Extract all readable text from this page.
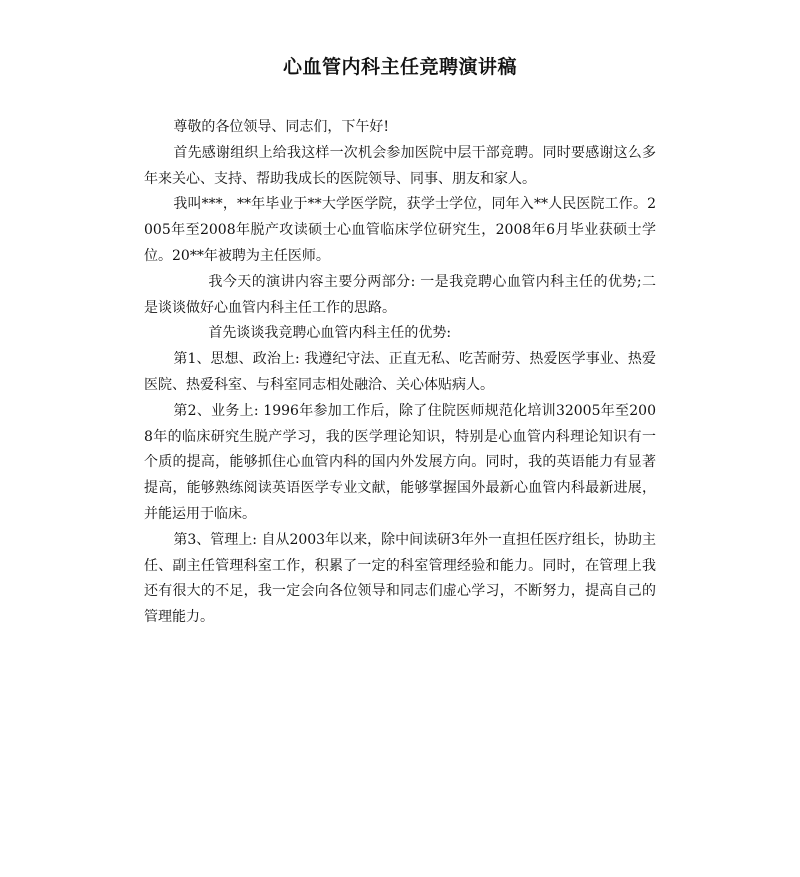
心血管内科主任竞聘演讲稿

尊敬的各位领导、同志们，下午好!

首先感谢组织上给我这样一次机会参加医院中层干部竞聘。同时要感谢这么多年来关心、支持、帮助我成长的医院领导、同事、朋友和家人。

我叫***，**年毕业于**大学医学院，获学士学位，同年入**人民医院工作。2005年至2008年脱产攻读硕士心血管临床学位研究生，2008年6月毕业获硕士学位。20**年被聘为主任医师。

我今天的演讲内容主要分两部分: 一是我竞聘心血管内科主任的优势;二是谈谈做好心血管内科主任工作的思路。

首先谈谈我竞聘心血管内科主任的优势:

第1、思想、政治上: 我遵纪守法、正直无私、吃苦耐劳、热爱医学事业、热爱医院、热爱科室、与科室同志相处融洽、关心体贴病人。

第2、业务上: 1996年参加工作后，除了住院医师规范化培训32005年至2008年的临床研究生脱产学习，我的医学理论知识，特别是心血管内科理论知识有一个质的提高，能够抓住心血管内科的国内外发展方向。同时，我的英语能力有显著提高，能够熟练阅读英语医学专业文献，能够掌握国外最新心血管内科最新进展，并能运用于临床。

第3、管理上: 自从2003年以来，除中间读研3年外一直担任医疗组长，协助主任、副主任管理科室工作，积累了一定的科室管理经验和能力。同时，在管理上我还有很大的不足，我一定会向各位领导和同志们虚心学习，不断努力，提高自己的管理能力。
